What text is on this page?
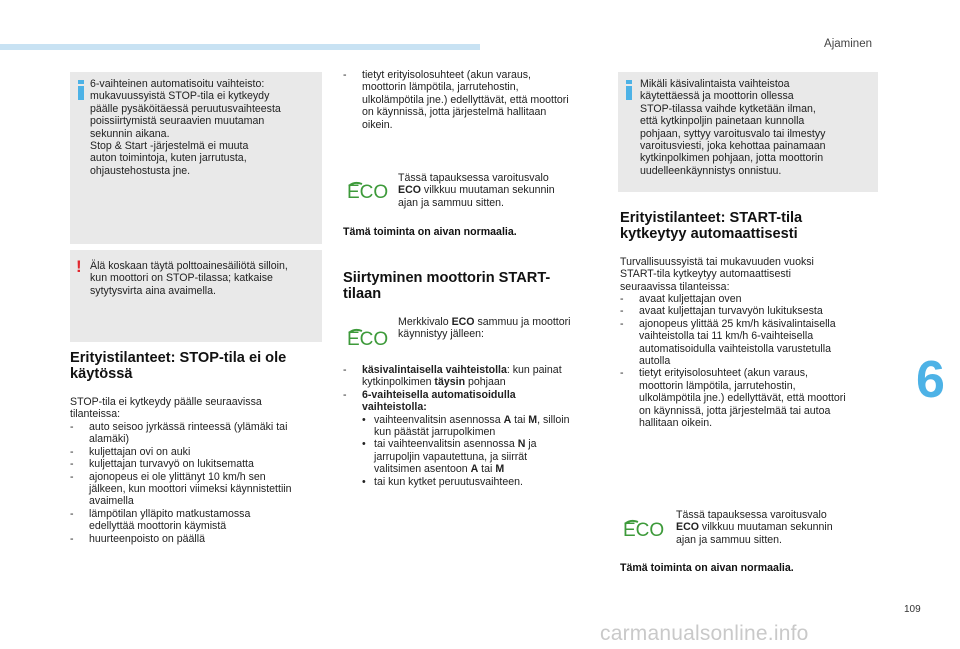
Ajaminen

6-vaihteinen automatisoitu vaihteisto:

mukavuussyistä STOP-tila ei kytkeydy

päälle pysäköitäessä peruutusvaihteesta

poissiirtymistä seuraavien muutaman

sekunnin aikana.

Stop & Start -järjestelmä ei muuta

auton toimintoja, kuten jarrutusta,

ohjaustehostusta jne.

! Älä koskaan täytä polttoainesäiliötä silloin,

kun moottori on STOP-tilassa; katkaise

sytytysvirta aina avaimella.

Erityistilanteet: STOP-tila ei ole
käytössä
STOP-tila ei kytkeydy päälle seuraavissa
tilanteissa:
- auto seisoo jyrkässä rinteessä (ylämäki tai
alamäki)
- kuljettajan ovi on auki
- kuljettajan turvavyö on lukitsematta
- ajonopeus ei ole ylittänyt 10 km/h sen
jälkeen, kun moottori viimeksi käynnistettiin
avaimella
- lämpötilan ylläpito matkustamossa
edellyttää moottorin käymistä
- huurteenpoisto on päällä
- tietyt erityisolosuhteet (akun varaus,
moottorin lämpötila, jarrutehostin,
ulkolämpötila jne.) edellyttävät, että moottori
on käynnissä, jotta järjestelmä hallitaan
oikein.
ECO
Tässä tapauksessa varoitusvalo
ECO vilkkuu muutaman sekunnin
ajan ja sammuu sitten.
Tämä toiminta on aivan normaalia.
Siirtyminen moottorin START-
tilaan
ECO
Merkkivalo ECO sammuu ja moottori
käynnistyy jälleen:
- käsivalintaisella vaihteistolla: kun painat
kytkinpolkimen täysin pohjaan
- 6-vaihteisella automatisoidulla
vaihteistolla:
• vaihteenvalitsin asennossa A tai M, silloin
kun päästät jarrupolkimen
• tai vaihteenvalitsin asennossa N ja
jarrupoljin vapautettuna, ja siirrät
valitsimen asentoon A tai M
• tai kun kytket peruutusvaihteen.

Mikäli käsivalintaista vaihteistoa

käytettäessä ja moottorin ollessa

STOP-tilassa vaihde kytketään ilman,

että kytkinpoljin painetaan kunnolla

pohjaan, syttyy varoitusvalo tai ilmestyy

varoitusviesti, joka kehottaa painamaan

kytkinpolkimen pohjaan, jotta moottorin

uudelleenkäynnistys onnistuu.

Erityistilanteet: START-tila
kytkeytyy automaattisesti
Turvallisuussyistä tai mukavuuden vuoksi
START-tila kytkeytyy automaattisesti
seuraavissa tilanteissa:
- avaat kuljettajan oven
- avaat kuljettajan turvavyön lukituksesta
- ajonopeus ylittää 25 km/h käsivalintaisella
vaihteistolla tai 11 km/h 6-vaihteisella
automatisoidulla vaihteistolla varustetulla
autolla
- tietyt erityisolosuhteet (akun varaus,
moottorin lämpötila, jarrutehostin,
ulkolämpötila jne.) edellyttävät, että moottori
on käynnissä, jotta järjestelmää tai autoa
hallitaan oikein.
ECO
Tässä tapauksessa varoitusvalo
ECO vilkkuu muutaman sekunnin
ajan ja sammuu sitten.
Tämä toiminta on aivan normaalia.
6
109
carmanualsonline.info
